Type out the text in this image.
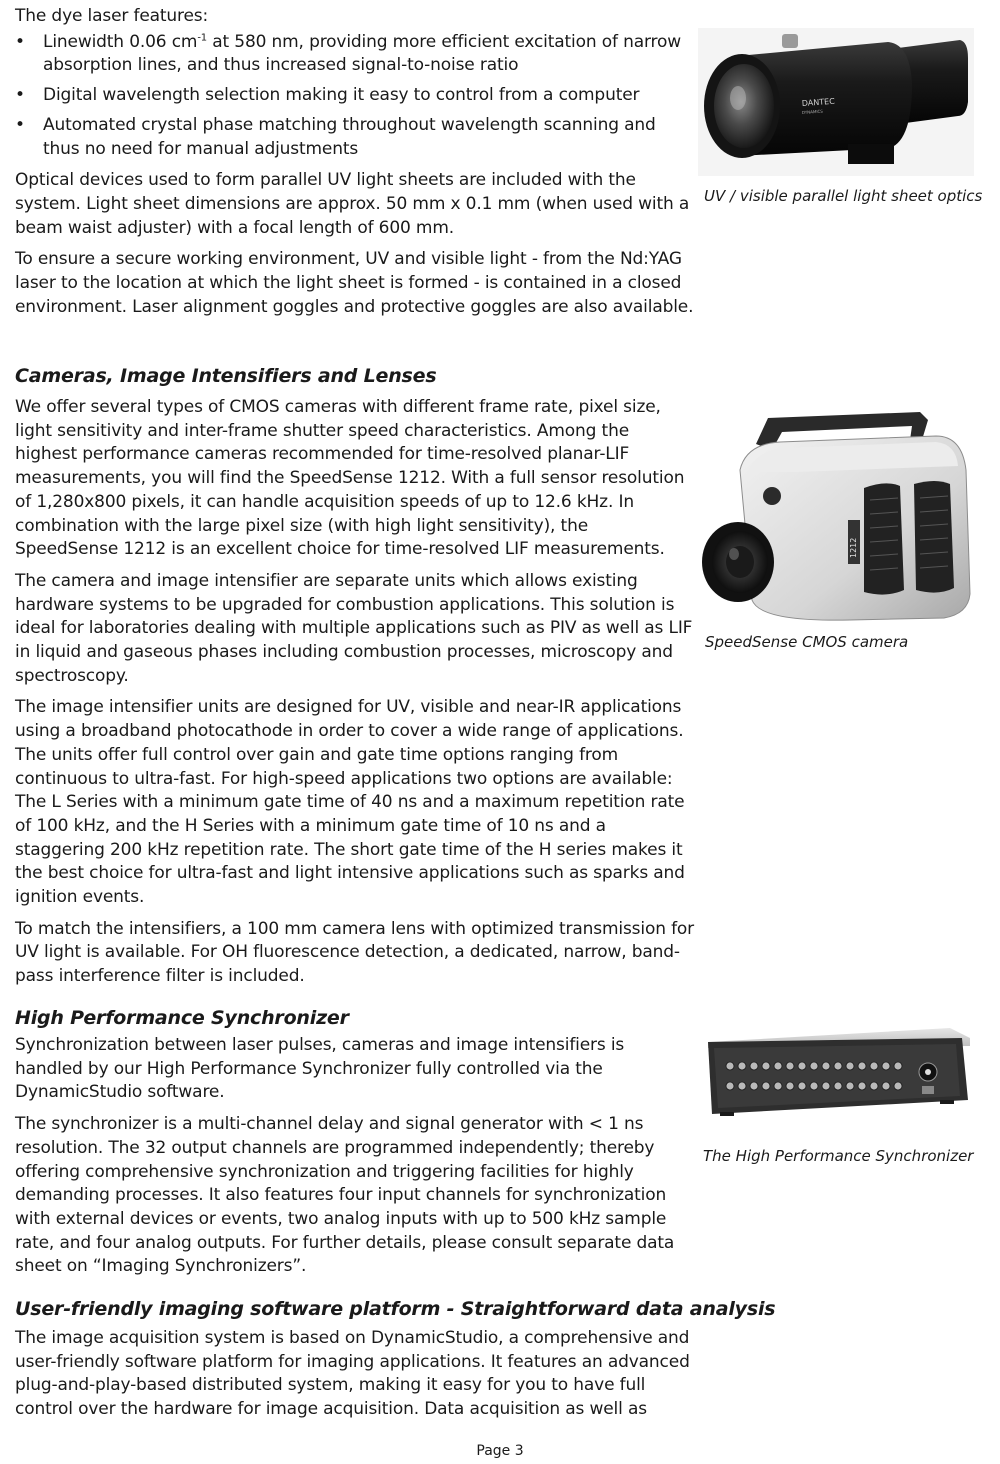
The dye laser features:

• Linewidth 0.06 $cm^{-1}$ at 580 nm, providing more efficient excitation of narrow absorption lines, and thus increased signal-to-noise ratio
• Digital wavelength selection making it easy to control from a computer
• Automated crystal phase matching throughout wavelength scanning and thus no need for manual adjustments

Optical devices used to form parallel UV light sheets are included with the system. Light sheet dimensions are approx. 50 mm x 0.1 mm (when used with a beam waist adjuster) with a focal length of 600 mm.

To ensure a secure working environment, UV and visible light - from the Nd:YAG laser to the location at which the light sheet is formed - is contained in a closed environment. Laser alignment goggles and protective goggles are also available.

Cameras, Image Intensifiers and Lenses

We offer several types of CMOS cameras with different frame rate, pixel size, light sensitivity and inter-frame shutter speed characteristics. Among the highest performance cameras recommended for time-resolved planar-LIF measurements, you will find the SpeedSense 1212. With a full sensor resolution of 1,280x800 pixels, it can handle acquisition speeds of up to 12.6 kHz. In combination with the large pixel size (with high light sensitivity), the SpeedSense 1212 is an excellent choice for time-resolved LIF measurements.

The camera and image intensifier are separate units which allows existing hardware systems to be upgraded for combustion applications. This solution is ideal for laboratories dealing with multiple applications such as PIV as well as LIF in liquid and gaseous phases including combustion processes, microscopy and spectroscopy.

The image intensifier units are designed for UV, visible and near-IR applications using a broadband photocathode in order to cover a wide range of applications. The units offer full control over gain and gate time options ranging from continuous to ultra-fast. For high-speed applications two options are available: The L Series with a minimum gate time of 40 ns and a maximum repetition rate of 100 kHz, and the H Series with a minimum gate time of 10 ns and a staggering 200 kHz repetition rate. The short gate time of the H series makes it the best choice for ultra-fast and light intensive applications such as sparks and ignition events.

To match the intensifiers, a 100 mm camera lens with optimized transmission for UV light is available. For OH fluorescence detection, a dedicated, narrow, band-pass interference filter is included.

High Performance Synchronizer

Synchronization between laser pulses, cameras and image intensifiers is handled by our High Performance Synchronizer fully controlled via the DynamicStudio software.

The synchronizer is a multi-channel delay and signal generator with < 1 ns resolution. The 32 output channels are programmed independently; thereby offering comprehensive synchronization and triggering facilities for highly demanding processes. It also features four input channels for synchronization with external devices or events, two analog inputs with up to 500 kHz sample rate, and four analog outputs. For further details, please consult separate data sheet on “Imaging Synchronizers”.

User-friendly imaging software platform - Straightforward data analysis

The image acquisition system is based on DynamicStudio, a comprehensive and user-friendly software platform for imaging applications. It features an advanced plug-and-play-based distributed system, making it easy for you to have full control over the hardware for image acquisition. Data acquisition as well as

DANTEC
DYNAMICS
UV / visible parallel light sheet optics
1212
SpeedSense CMOS camera
The High Performance Synchronizer
Page 3
